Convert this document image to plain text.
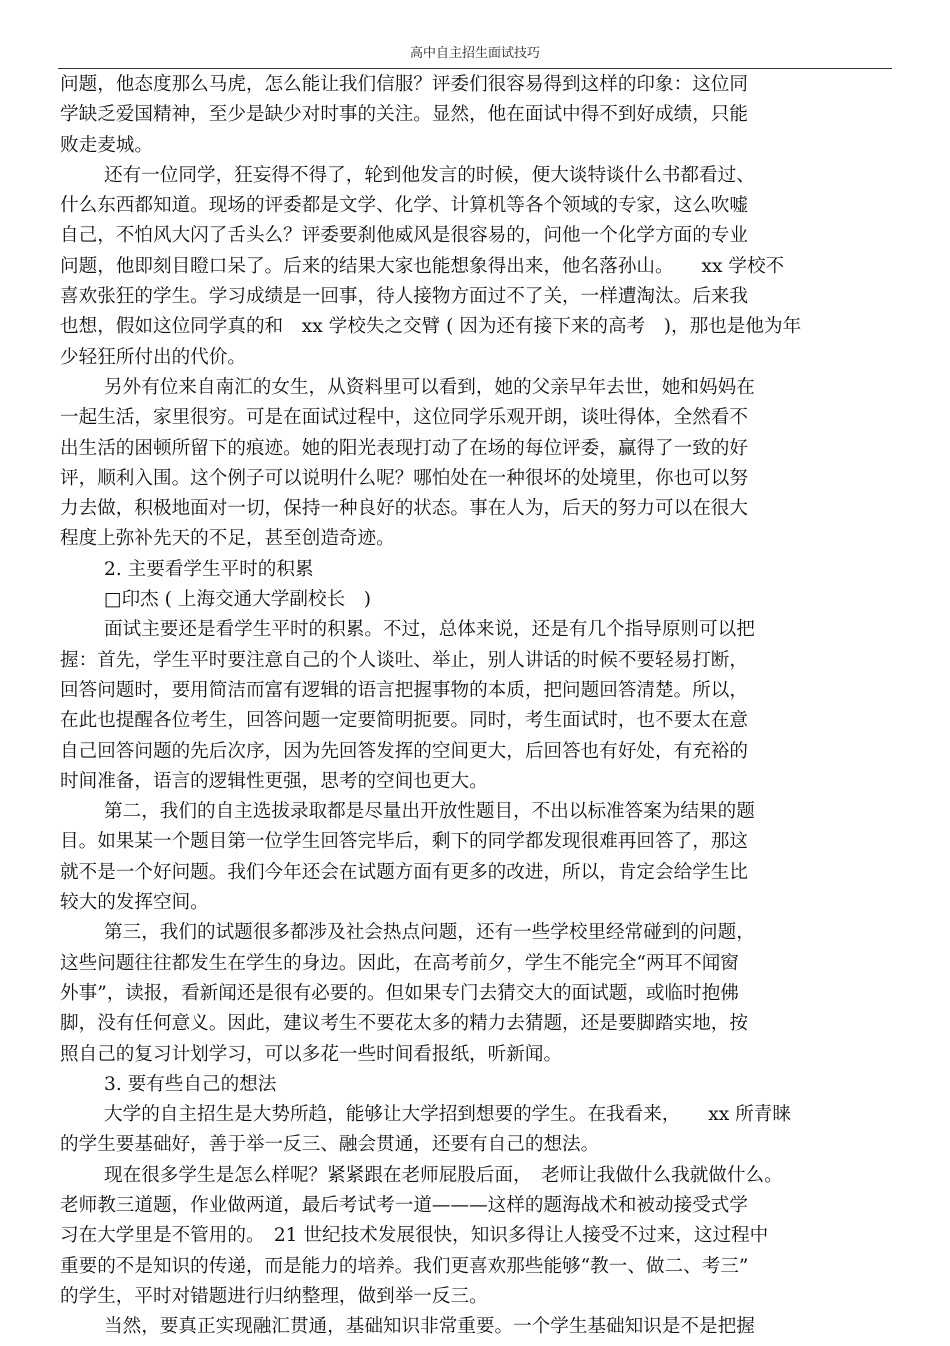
高中自主招生面试技巧

问题，他态度那么马虎，怎么能让我们信服？评委们很容易得到这样的印象：这位同

学缺乏爱国精神，至少是缺少对时事的关注。显然，他在面试中得不到好成绩，只能

败走麦城。

还有一位同学，狂妄得不得了，轮到他发言的时候，便大谈特谈什么书都看过、

什么东西都知道。现场的评委都是文学、化学、计算机等各个领域的专家，这么吹嘘

自己，不怕风大闪了舌头么？评委要刹他威风是很容易的，问他一个化学方面的专业

问题，他即刻目瞪口呆了。后来的结果大家也能想象得出来，他名落孙山。　　xx 学校不

喜欢张狂的学生。学习成绩是一回事，待人接物方面过不了关，一样遭淘汰。后来我

也想，假如这位同学真的和　xx 学校失之交臂 ( 因为还有接下来的高考　)，那也是他为年

少轻狂所付出的代价。

另外有位来自南汇的女生，从资料里可以看到，她的父亲早年去世，她和妈妈在

一起生活，家里很穷。可是在面试过程中，这位同学乐观开朗，谈吐得体，全然看不

出生活的困顿所留下的痕迹。她的阳光表现打动了在场的每位评委，赢得了一致的好

评，顺利入围。这个例子可以说明什么呢？哪怕处在一种很坏的处境里，你也可以努

力去做，积极地面对一切，保持一种良好的状态。事在人为，后天的努力可以在很大

程度上弥补先天的不足，甚至创造奇迹。

2. 主要看学生平时的积累

□印杰 ( 上海交通大学副校长　)

面试主要还是看学生平时的积累。不过，总体来说，还是有几个指导原则可以把

握：首先，学生平时要注意自己的个人谈吐、举止，别人讲话的时候不要轻易打断，

回答问题时，要用简洁而富有逻辑的语言把握事物的本质，把问题回答清楚。所以，

在此也提醒各位考生，回答问题一定要简明扼要。同时，考生面试时，也不要太在意

自己回答问题的先后次序，因为先回答发挥的空间更大，后回答也有好处，有充裕的

时间准备，语言的逻辑性更强，思考的空间也更大。

第二，我们的自主选拔录取都是尽量出开放性题目，不出以标准答案为结果的题

目。如果某一个题目第一位学生回答完毕后，剩下的同学都发现很难再回答了，那这

就不是一个好问题。我们今年还会在试题方面有更多的改进，所以，肯定会给学生比

较大的发挥空间。

第三，我们的试题很多都涉及社会热点问题，还有一些学校里经常碰到的问题，

这些问题往往都发生在学生的身边。因此，在高考前夕，学生不能完全“两耳不闻窗

外事”，读报，看新闻还是很有必要的。但如果专门去猜交大的面试题，或临时抱佛

脚，没有任何意义。因此，建议考生不要花太多的精力去猜题，还是要脚踏实地，按

照自己的复习计划学习，可以多花一些时间看报纸，听新闻。

3. 要有些自己的想法

大学的自主招生是大势所趋，能够让大学招到想要的学生。在我看来，　　xx 所青睐

的学生要基础好，善于举一反三、融会贯通，还要有自己的想法。

现在很多学生是怎么样呢？紧紧跟在老师屁股后面，　老师让我做什么我就做什么。

老师教三道题，作业做两道，最后考试考一道———这样的题海战术和被动接受式学

习在大学里是不管用的。　21 世纪技术发展很快，知识多得让人接受不过来，这过程中

重要的不是知识的传递，而是能力的培养。我们更喜欢那些能够“教一、做二、考三”

的学生，平时对错题进行归纳整理，做到举一反三。

当然，要真正实现融汇贯通，基础知识非常重要。一个学生基础知识是不是把握
